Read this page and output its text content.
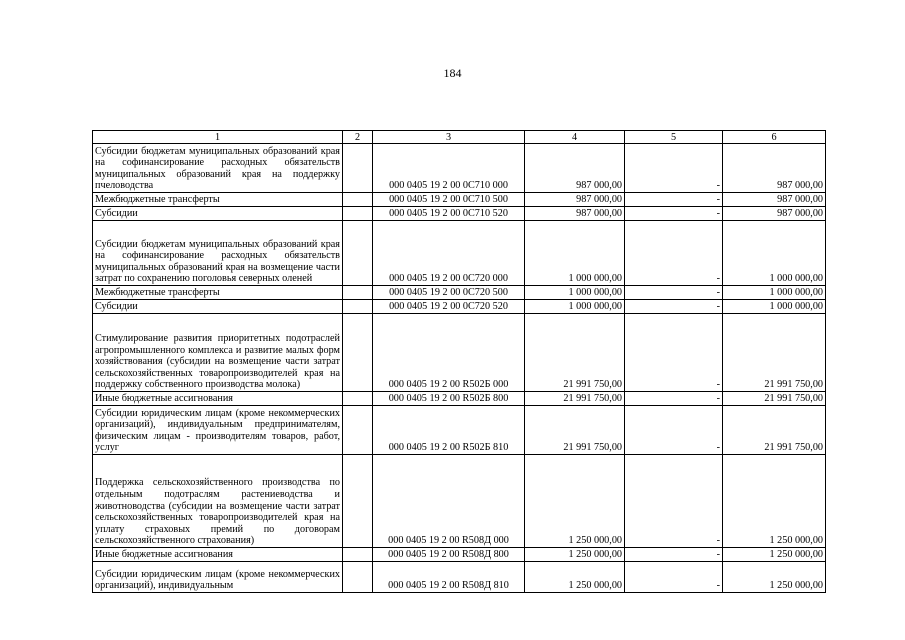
184
1	2	3	4	5	6
Субсидии бюджетам муниципальных образований края на софинансирование расходных обязательств муниципальных образований края на поддержку пчеловодства		000 0405 19 2 00 0С710 000	987 000,00	-	987 000,00
Межбюджетные трансферты		000 0405 19 2 00 0С710 500	987 000,00	-	987 000,00
Субсидии		000 0405 19 2 00 0С710 520	987 000,00	-	987 000,00
Субсидии бюджетам муниципальных образований края на софинансирование расходных обязательств муниципальных образований края на возмещение части затрат по сохранению поголовья северных оленей		000 0405 19 2 00 0С720 000	1 000 000,00	-	1 000 000,00
Межбюджетные трансферты		000 0405 19 2 00 0С720 500	1 000 000,00	-	1 000 000,00
Субсидии		000 0405 19 2 00 0С720 520	1 000 000,00	-	1 000 000,00
Стимулирование развития приоритетных подотраслей агропромышленного комплекса и развитие малых форм хозяйствования (субсидии на возмещение части затрат сельскохозяйственных товаропроизводителей края на поддержку собственного производства молока)		000 0405 19 2 00 R502Б 000	21 991 750,00	-	21 991 750,00
Иные бюджетные ассигнования		000 0405 19 2 00 R502Б 800	21 991 750,00	-	21 991 750,00
Субсидии юридическим лицам (кроме некоммерческих организаций), индивидуальным предпринимателям, физическим лицам - производителям товаров, работ, услуг		000 0405 19 2 00 R502Б 810	21 991 750,00	-	21 991 750,00
Поддержка сельскохозяйственного производства по отдельным подотраслям растениеводства и животноводства (субсидии на возмещение части затрат сельскохозяйственных товаропроизводителей края на уплату страховых премий по договорам сельскохозяйственного страхования)		000 0405 19 2 00 R508Д 000	1 250 000,00	-	1 250 000,00
Иные бюджетные ассигнования		000 0405 19 2 00 R508Д 800	1 250 000,00	-	1 250 000,00
Субсидии юридическим лицам (кроме некоммерческих организаций), индивидуальным		000 0405 19 2 00 R508Д 810	1 250 000,00	-	1 250 000,00
